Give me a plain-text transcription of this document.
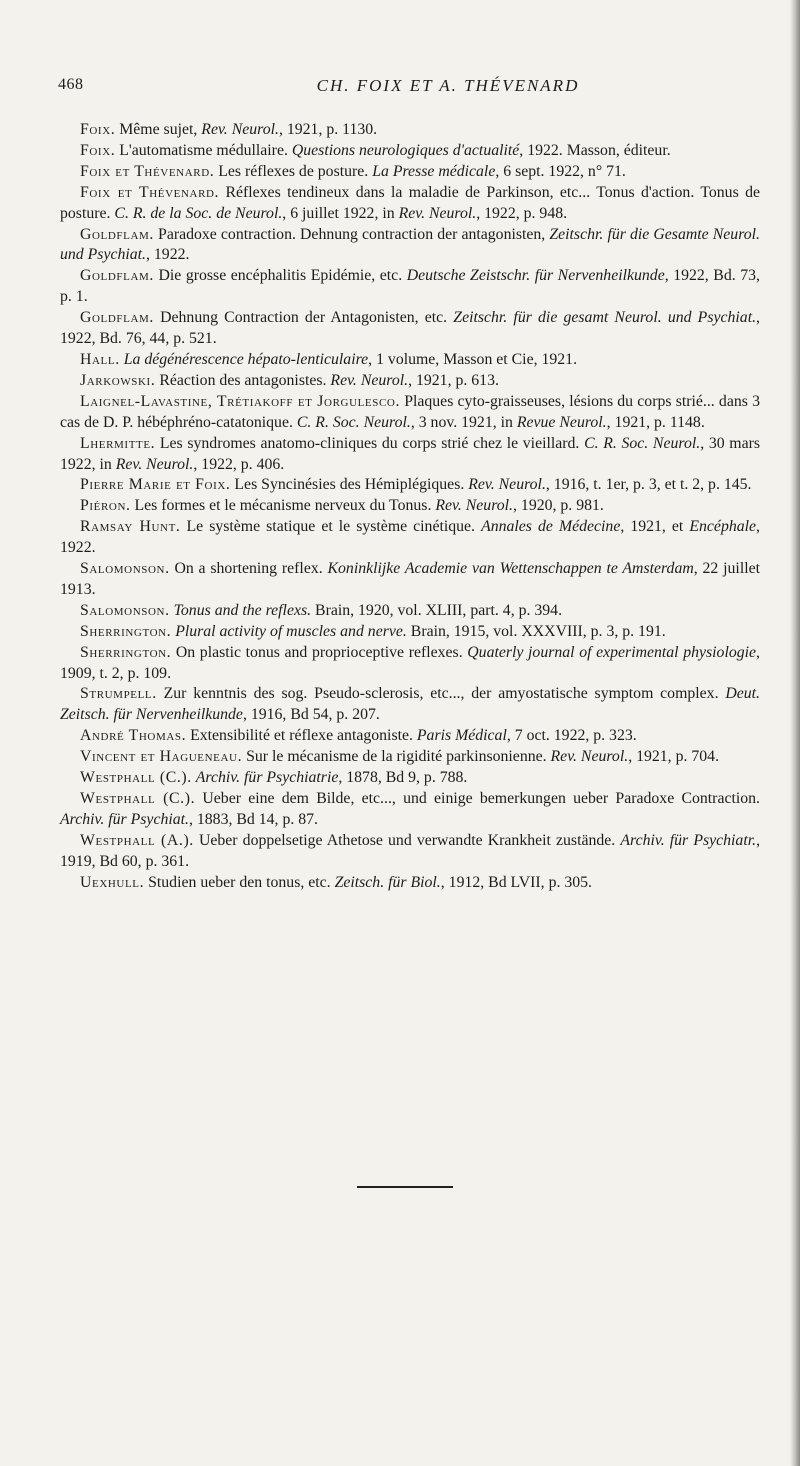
468	CH. FOIX ET A. THÉVENARD

Foix. Même sujet, Rev. Neurol., 1921, p. 1130.

Foix. L'automatisme médullaire. Questions neurologiques d'actualité, 1922. Masson, éditeur.

Foix et Thévenard. Les réflexes de posture. La Presse médicale, 6 sept. 1922, n° 71.

Foix et Thévenard. Réflexes tendineux dans la maladie de Parkinson, etc... Tonus d'action. Tonus de posture. C. R. de la Soc. de Neurol., 6 juillet 1922, in Rev. Neurol., 1922, p. 948.

Goldflam. Paradoxe contraction. Dehnung contraction der antagonisten, Zeitschr. für die Gesamte Neurol. und Psychiat., 1922.

Goldflam. Die grosse encéphalitis Epidémie, etc. Deutsche Zeistschr. für Nervenheilkunde, 1922, Bd. 73, p. 1.

Goldflam. Dehnung Contraction der Antagonisten, etc. Zeitschr. für die gesamt Neurol. und Psychiat., 1922, Bd. 76, 44, p. 521.

Hall. La dégénérescence hépato-lenticulaire, 1 volume, Masson et Cie, 1921.

Jarkowski. Réaction des antagonistes. Rev. Neurol., 1921, p. 613.

Laignel-Lavastine, Trétiakoff et Jorgulesco. Plaques cyto-graisseuses, lésions du corps strié... dans 3 cas de D. P. hébéphréno-catatonique. C. R. Soc. Neurol., 3 nov. 1921, in Revue Neurol., 1921, p. 1148.

Lhermitte. Les syndromes anatomo-cliniques du corps strié chez le vieillard. C. R. Soc. Neurol., 30 mars 1922, in Rev. Neurol., 1922, p. 406.

Pierre Marie et Foix. Les Syncinésies des Hémiplégiques. Rev. Neurol., 1916, t. 1er, p. 3, et t. 2, p. 145.

Piéron. Les formes et le mécanisme nerveux du Tonus. Rev. Neurol., 1920, p. 981.

Ramsay Hunt. Le système statique et le système cinétique. Annales de Médecine, 1921, et Encéphale, 1922.

Salomonson. On a shortening reflex. Koninklijke Academie van Wettenschappen te Amsterdam, 22 juillet 1913.

Salomonson. Tonus and the reflexs. Brain, 1920, vol. XLIII, part. 4, p. 394.

Sherrington. Plural activity of muscles and nerve. Brain, 1915, vol. XXXVIII, p. 3, p. 191.

Sherrington. On plastic tonus and proprioceptive reflexes. Quaterly journal of experimental physiologie, 1909, t. 2, p. 109.

Strumpell. Zur kenntnis des sog. Pseudo-sclerosis, etc..., der amyostatische symptom complex. Deut. Zeitsch. für Nervenheilkunde, 1916, Bd 54, p. 207.

André Thomas. Extensibilité et réflexe antagoniste. Paris Médical, 7 oct. 1922, p. 323.

Vincent et Hagueneau. Sur le mécanisme de la rigidité parkinsonienne. Rev. Neurol., 1921, p. 704.

Westphall (C.). Archiv. für Psychiatrie, 1878, Bd 9, p. 788.

Westphall (C.). Ueber eine dem Bilde, etc..., und einige bemerkungen ueber Paradoxe Contraction. Archiv. für Psychiat., 1883, Bd 14, p. 87.

Westphall (A.). Ueber doppelsetige Athetose und verwandte Krankheit zustände. Archiv. für Psychiatr., 1919, Bd 60, p. 361.

Uexhull. Studien ueber den tonus, etc. Zeitsch. für Biol., 1912, Bd LVII, p. 305.
